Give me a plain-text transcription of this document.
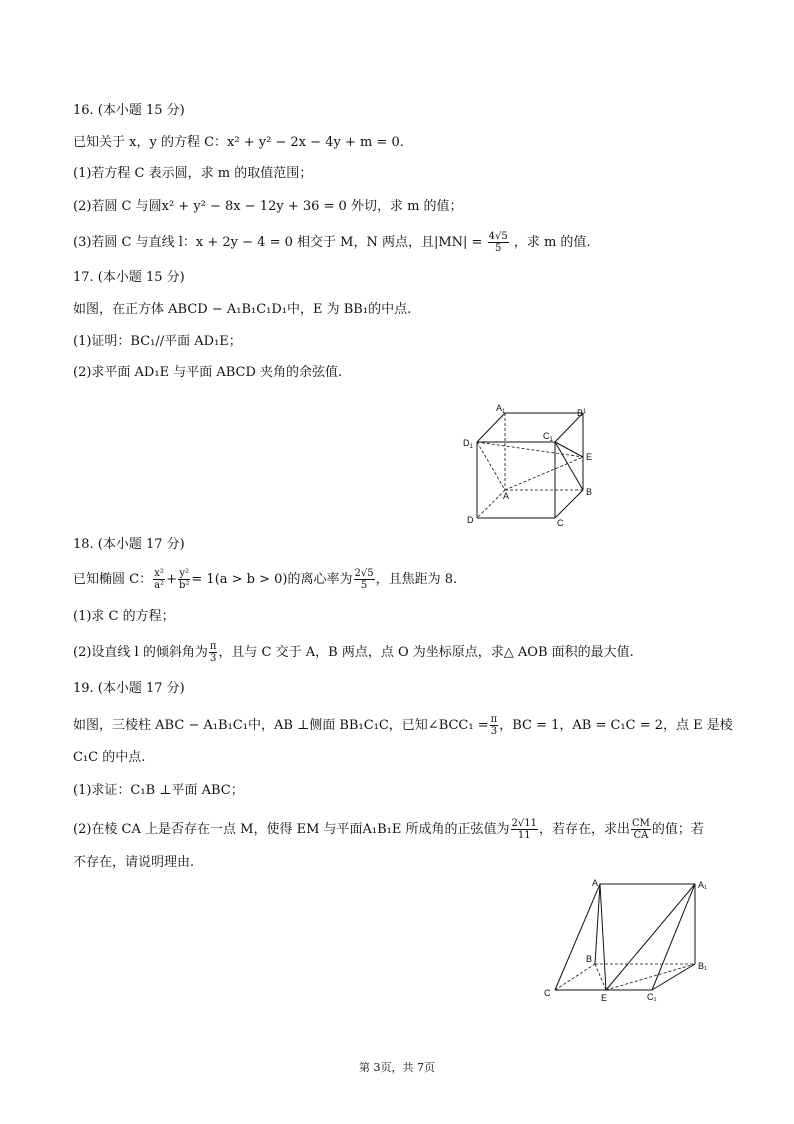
16. (本小题 15 分)
已知关于 x，y 的方程 C：x² + y² − 2x − 4y + m = 0.
(1)若方程 C 表示圆，求 m 的取值范围；
(2)若圆 C 与圆x² + y² − 8x − 12y + 36 = 0 外切，求 m 的值；
(3)若圆 C 与直线 l：x + 2y − 4 = 0 相交于 M，N 两点，且$|MN| = \frac{4√5}{5}$ ，求 m 的值.
17. (本小题 15 分)
如图，在正方体 ABCD − A₁B₁C₁D₁中，E 为 BB₁的中点.
(1)证明：BC₁//平面 AD₁E；
(2)求平面 AD₁E 与平面 ABCD 夹角的余弦值.
$A_1$	$B^1$
$D_1$
$C_1$
E
A	B
D	C
18. (本小题 17 分)
已知椭圆 C： $\frac{\text{x²}}{\text{a²}} + \frac{\text{y²}}{\text{b²}} = 1(a > b > 0)$的离心率为 $\frac{2√5}{5}$ ，且焦距为 8.
(1)求 C 的方程；
(2)设直线 l 的倾斜角为 $\frac{\pi}{3}$ ，且与 C 交于 A，B 两点，点 O 为坐标原点，求△ AOB 面积的最大值.
19. (本小题 17 分)
如图，三棱柱 ABC − A₁B₁C₁中，AB ⊥侧面 BB₁C₁C，已知∠BCC₁ = $\frac{\pi}{3}$ ，BC = 1，AB = C₁C = 2，点 E 是棱
C₁C 的中点.
(1)求证：C₁B ⊥平面 ABC；
(2)在棱 CA 上是否存在一点 M，使得 EM 与平面A₁B₁E 所成角的正弦值为 $\frac{2√11}{11}$ ，若存在，求出 $\frac{CM}{CA}$ 的值；若
不存在，请说明理由.
A	A₁
B
B₁
C	E	C₁
第 3页，共 7页
